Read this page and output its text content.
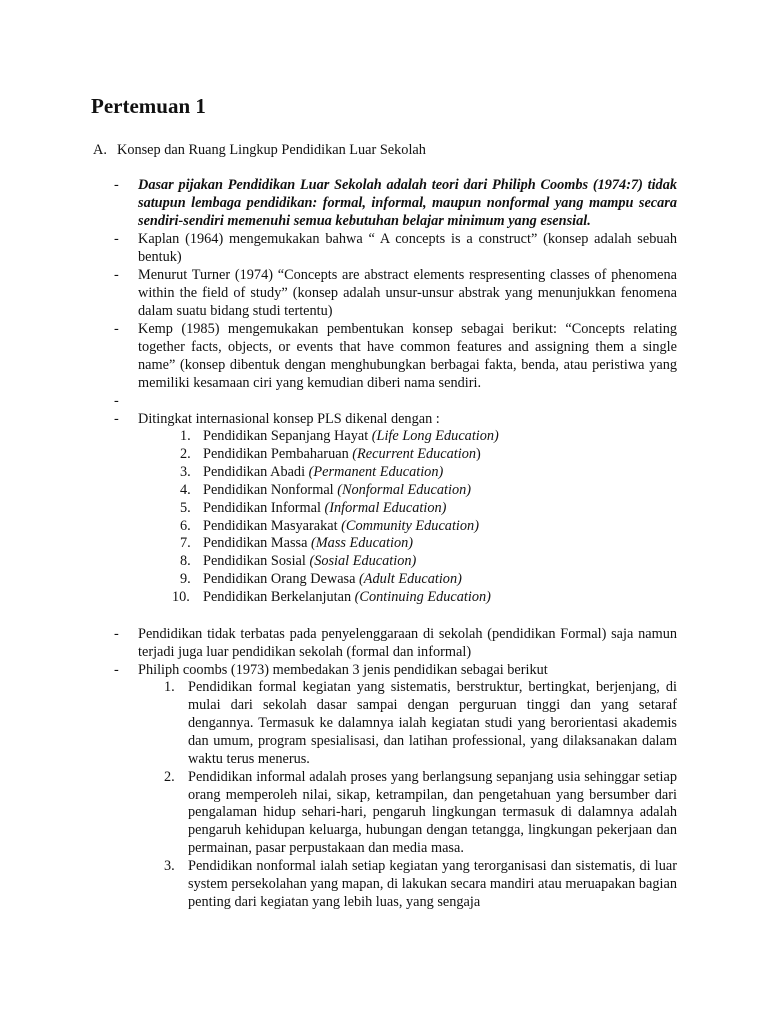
Pertemuan 1
A. Konsep dan Ruang Lingkup Pendidikan Luar Sekolah
- Dasar pijakan Pendidikan Luar Sekolah adalah teori dari Philiph Coombs (1974:7) tidak satupun lembaga pendidikan: formal, informal, maupun nonformal yang mampu secara sendiri-sendiri memenuhi semua kebutuhan belajar minimum yang esensial.
- Kaplan (1964) mengemukakan bahwa “ A concepts is a construct” (konsep adalah sebuah bentuk)
- Menurut Turner (1974) “Concepts are abstract elements respresenting classes of phenomena within the field of study” (konsep adalah unsur-unsur abstrak yang menunjukkan fenomena dalam suatu bidang studi tertentu)
- Kemp (1985) mengemukakan pembentukan konsep sebagai berikut: “Concepts relating together facts, objects, or events that have common features and assigning them a single name” (konsep dibentuk dengan menghubungkan berbagai fakta, benda, atau peristiwa yang memiliki kesamaan ciri yang kemudian diberi nama sendiri.
-

- Ditingkat internasional konsep PLS dikenal dengan :
1. Pendidikan Sepanjang Hayat (Life Long Education)
2. Pendidikan Pembaharuan (Recurrent Education)
3. Pendidikan Abadi (Permanent Education)
4. Pendidikan Nonformal (Nonformal Education)
5. Pendidikan Informal (Informal Education)
6. Pendidikan Masyarakat (Community Education)
7. Pendidikan Massa (Mass Education)
8. Pendidikan Sosial (Sosial Education)
9. Pendidikan Orang Dewasa (Adult Education)
10. Pendidikan Berkelanjutan (Continuing Education)
- Pendidikan tidak terbatas pada penyelenggaraan di sekolah (pendidikan Formal) saja namun terjadi juga luar pendidikan sekolah (formal dan informal)
- Philiph coombs (1973) membedakan 3 jenis pendidikan sebagai berikut
1. Pendidikan formal kegiatan yang sistematis, berstruktur, bertingkat, berjenjang, di mulai dari sekolah dasar sampai dengan perguruan tinggi dan yang setaraf dengannya. Termasuk ke dalamnya ialah kegiatan studi yang berorientasi akademis dan umum, program spesialisasi, dan latihan professional, yang dilaksanakan dalam waktu terus menerus.
2. Pendidikan informal adalah proses yang berlangsung sepanjang usia sehinggar setiap orang memperoleh nilai, sikap, ketrampilan, dan pengetahuan yang bersumber dari pengalaman hidup sehari-hari, pengaruh lingkungan termasuk di dalamnya adalah pengaruh kehidupan keluarga, hubungan dengan tetangga, lingkungan pekerjaan dan permainan, pasar perpustakaan dan media masa.
3. Pendidikan nonformal ialah setiap kegiatan yang terorganisasi dan sistematis, di luar system persekolahan yang mapan, di lakukan secara mandiri atau meruapakan bagian penting dari kegiatan yang lebih luas, yang sengaja
